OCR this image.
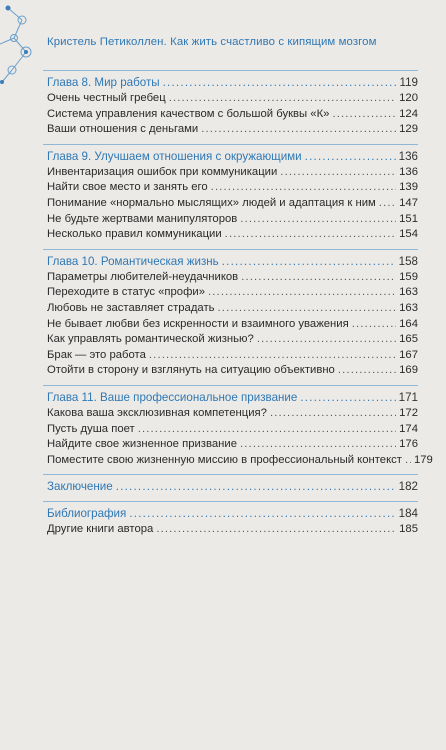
Кристель Петиколлен. Как жить счастливо с кипящим мозгом
Глава 8. Мир работы . . .	119
Очень честный гребец . . .	120
Система управления качеством с большой буквы «К» . . .	124
Ваши отношения с деньгами . . .	129
Глава 9. Улучшаем отношения с окружающими . . .	136
Инвентаризация ошибок при коммуникации . . .	136
Найти свое место и занять его . . .	139
Понимание «нормально мыслящих» людей и адаптация к ним . . . 147
Не будьте жертвами манипуляторов . . .	151
Несколько правил коммуникации . . .	154
Глава 10. Романтическая жизнь . . .	158
Параметры любителей-неудачников . . .	159
Переходите в статус «профи» . . .	163
Любовь не заставляет страдать . . .	163
Не бывает любви без искренности и взаимного уважения . . .	164
Как управлять романтической жизнью? . . .	165
Брак — это работа . . .	167
Отойти в сторону и взглянуть на ситуацию объективно . . .	169
Глава 11. Ваше профессиональное призвание . . .	171
Какова ваша эксклюзивная компетенция? . . .	172
Пусть душа поет . . .	174
Найдите свое жизненное призвание . . .	176
Поместите свою жизненную миссию в профессиональный контекст . . . 179
Заключение . . .	182
Библиография . . .	184
Другие книги автора . . .	185
